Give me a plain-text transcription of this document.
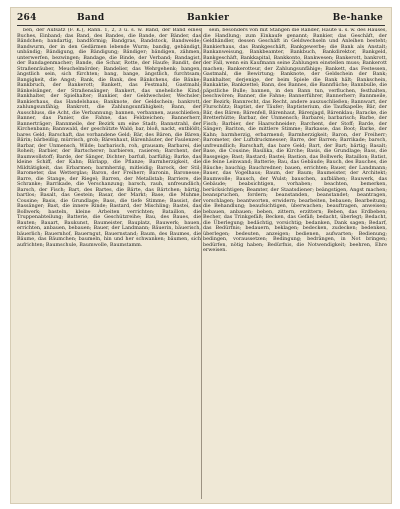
264	Band	Bankier	Be-hanke

ben, der Aufsatz (F. K.), Rann. 1, 2, 3 u. s. w. Band, der Band eines Buches, Einband; das Band, des Bandes, die Bande, der Bänder, das Bändchen; bandartig, bandförmig; Bandgras, Bandstock, Bandweide; Bandwurm, der in den Gedärmen lebende Wurm; bandig, gebändigt, unbändig; Bändigung, die Bändigung; Bändiger; bändigen, zähmen, unterwerfen, bezwingen; Bandage, die Binde, der Verband; Bandagist, der Bandagenmacher; Bande, die Schar, Rotte, der Haufe; Bandit, der Straßenräuber, Meuchelmörder; Bandelier, das Wehrgehenk; bangen, ängstlich sein, sich fürchten; bang, bange, ängstlich, furchtsam; Bangigkeit, die Angst; Bank, die Bank, des Bänkchens, die Bänke; Bankbruch, der Bankerott; Bankett, das Festmahl, Gastmahl; Bänkelsänger, der Straßensänger; Bankert, das uneheliche Kind; Bankhalter, der Spielhalter; Bankier, der Geldwechsler, Wechsler; Bankierhaus, das Handelshaus; Banknote, der Geldschein; bankrott, zahlungsunfähig; Bankrott, die Zahlungsunfähigkeit; Bann, der Ausschluss, die Acht, die Verbannung; bannen, verbannen, ausschließen; Banner, das Panier, die Fahne, das Feldzeichen; Bannerherr, Bannerträger; Bannmeile, der Bezirk um eine Stadt; Bannstrahl, der Kirchenbann; Bannwald, der geschützte Wald; bar, bloß, nackt, entblößt; bares Geld; Barschaft, das vorhandene Geld; Bär, des Bären, die Bären; Bärin; bärbeißig, mürrisch, grob; Bärenhaut, Bärenhäuter, der Faulenzer; Barbar, der Unmensch, Wilde; barbarisch, roh, grausam; Barbarei, die Roheit; Barbier, der Bartscherer; barbieren, rasieren; Barchent, der Baumwollstoff; Barde, der Sänger, Dichter; barfuß, barfüßig; Barke, das kleine Schiff, der Kahn; Bärlapp, die Pflanze; Barmherzigkeit, die Mildtätigkeit, das Erbarmen; barmherzig, mitleidig; Barock, der Stil; Barometer, das Wetterglas; Baron, der Freiherr; Baronin, Baronesse; Barre, die Stange, der Riegel; Barren, der Metallstab; Barriere, die Schranke; Barrikade, die Verschanzung; barsch, rauh, unfreundlich; Barsch, der Fisch; Bart, des Bartes, die Bärte, das Bärtchen; bärtig, bartlos; Basalt, das Gestein; Basar, der Markt; Base, die Muhme, Cousine; Basis, die Grundlage; Bass, die tiefe Stimme; Bassist, der Bassänger; Bast, die innere Rinde; Bastard, der Mischling; Bastei, das Bollwerk; basteln, kleine Arbeiten verrichten; Bataillon, die Truppenabteilung; Batterie, die Geschützreihe; Bau, des Baues, die Bauten; Bauart, Baukunst, Baumeister, Bauplatz, Bauwerk; bauen, errichten, anbauen, bebauen; Bauer, der Landmann; Bäuerin, bäuerisch, bäuerlich; Bauernhof, Bauerngut, Bauernstand; Baum, des Baumes, die Bäume, das Bäumchen; baumeln, hin und her schwanken; bäumen, sich aufrichten; Baumschule, Baumwolle, Baumstamm.

sein, besonders von mit Stangen die Ränder, Häute u. s. w. des Hauses, die Handlung; zum Einkaufe genannt; Bankier, das Geschäft, der Geldhändler, dessen Geschäft in Geldwechseln und Anleihen besteht; Bankierhaus, das Bankgeschäft, Bankgewerbe; die Bank als Anstalt; Bankanweisung, Bankbeamter, Bankbuch, Bankdirektor, Bankgeld, Bankgeschäft, Bankkapital, Bankkonto, Bankwesen; Bankerott, bankrott, der Fall, wenn ein Kaufmann seine Zahlungen einstellen muss; Bankerott machen; Bankerotteur, der Zahlungsunfähige; Bankett, das Festessen, Gastmahl, die Bewirtung; Banknote, der Geldschein der Bank; Bankhalter, derjenige, der beim Spiele die Bank hält; Bankschein, Bankaktie, Bankzettel; Bann, des Bannes, die Bannflüche; Bannbulle, die päpstliche Bulle; bannen, in den Bann tun, verfluchen, festhalten, beschwören; Banner, die Fahne; Bannerführer, Bannerherr; Bannmeile, der Bezirk; Bannrecht, das Recht, andere auszuschließen; Bannwart, der Flurschütz; Baptist, der Täufer; Baptisterium, die Taufkapelle; Bär, der Bär, des Bären; Bärenfell, Bärenhaut, Bärenjagd, Bärenklau; Baracke, die Bretterhütte; Barbar, der Unmensch; Barbarei; barbarisch; Barbe, der Fisch; Barbier, der Haarschneider; Barchent, der Stoff; Barde, der Sänger; Bariton, die mittlere Stimme; Barkasse, das Boot; Barke, der Kahn; barmherzig, erbarmend; Barmherzigkeit; Baron, der Freiherr; Barometer, der Luftdruckmesser; Barre, der Barren; Barrikade; barsch, unfreundlich; Barschaft, das bare Geld; Bart, der Bart; bärtig; Basalt; Base, die Cousine; Basilika, die Kirche; Basis, die Grundlage; Bass, die Bassgeige; Bast; Bastard; Bastei; Bastion, das Bollwerk; Bataillon; Batist, die feine Leinwand; Batterie; Bau, das Gebäude; Bauch, des Bauches, die Bäuche; bauchig; Bauchredner; bauen, errichten; Bauer, der Landmann; Bauer, das Vogelhaus; Baum, der Baum; Baumeister, der Architekt; Baumwolle; Bausch, der Wulst; bauschen, aufblähen; Bauwerk, das Gebäude; beabsichtigen, vorhaben; beachten, bemerken, berücksichtigen; Beamter, der Staatsdiener; beängstigen, Angst machen; beanspruchen, fordern; beanstanden, beanstandet; beantragen, vorschlagen; beantworten, erwidern; bearbeiten, bebauen; Bearbeitung, die Behandlung; beaufsichtigen, überwachen; beauftragen, anweisen; bebauen, anbauen; beben, zittern, erzittern; Beben, das Erdbeben; Becher, das Trinkgefäß; Becken, das Gefäß; bedacht, überlegt; Bedacht, die Überlegung; bedächtig, vorsichtig; bedanken, Dank sagen; Bedarf, das Bedürfnis; bedauern, beklagen; bedecken, zudecken; bedenken, überlegen; bedeuten, anzeigen; bedienen, aufwarten; Bedienung; bedingen, voraussetzen; Bedingung; bedrängen, in Not bringen; bedürfen, nötig haben; Bedürfnis, die Notwendigkeit; beehren, Ehre erweisen.
